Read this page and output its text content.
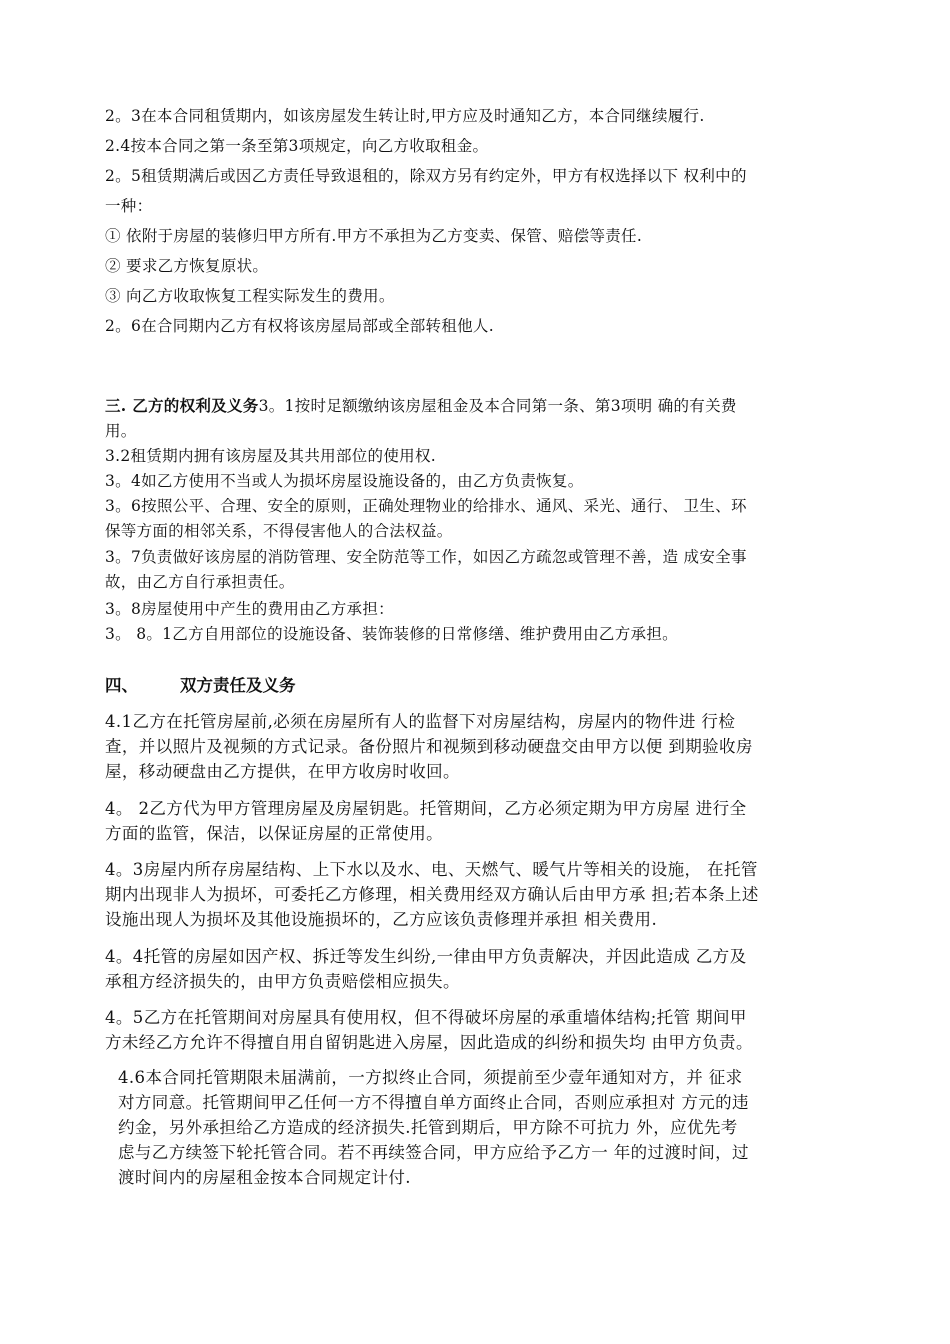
2。3在本合同租赁期内，如该房屋发生转让时,甲方应及时通知乙方，本合同继续履行.
2.4按本合同之第一条至第3项规定，向乙方收取租金。
2。5租赁期满后或因乙方责任导致退租的，除双方另有约定外，甲方有权选择以下 权利中的
一种：
① 依附于房屋的装修归甲方所有.甲方不承担为乙方变卖、保管、赔偿等责任.
② 要求乙方恢复原状。
③ 向乙方收取恢复工程实际发生的费用。
2。6在合同期内乙方有权将该房屋局部或全部转租他人.
三. 乙方的权利及义务3。1按时足额缴纳该房屋租金及本合同第一条、第3项明 确的有关费
用。
3.2租赁期内拥有该房屋及其共用部位的使用权.
3。4如乙方使用不当或人为损坏房屋设施设备的，由乙方负责恢复。
3。6按照公平、合理、安全的原则，正确处理物业的给排水、通风、采光、通行、 卫生、环
保等方面的相邻关系，不得侵害他人的合法权益。
3。7负责做好该房屋的消防管理、安全防范等工作，如因乙方疏忽或管理不善，造 成安全事
故，由乙方自行承担责任。
3。8房屋使用中产生的费用由乙方承担：
3。 8。1乙方自用部位的设施设备、装饰装修的日常修缮、维护费用由乙方承担。
四、	双方责任及义务
4.1乙方在托管房屋前,必须在房屋所有人的监督下对房屋结构，房屋内的物件进 行检
查，并以照片及视频的方式记录。备份照片和视频到移动硬盘交由甲方以便 到期验收房
屋，移动硬盘由乙方提供，在甲方收房时收回。
4。 2乙方代为甲方管理房屋及房屋钥匙。托管期间，乙方必须定期为甲方房屋 进行全
方面的监管，保洁，以保证房屋的正常使用。
4。3房屋内所存房屋结构、上下水以及水、电、天燃气、暖气片等相关的设施， 在托管
期内出现非人为损坏，可委托乙方修理，相关费用经双方确认后由甲方承 担;若本条上述
设施出现人为损坏及其他设施损坏的，乙方应该负责修理并承担 相关费用.
4。4托管的房屋如因产权、拆迁等发生纠纷,一律由甲方负责解决，并因此造成 乙方及
承租方经济损失的，由甲方负责赔偿相应损失。
4。5乙方在托管期间对房屋具有使用权，但不得破坏房屋的承重墙体结构;托管 期间甲
方未经乙方允许不得擅自用自留钥匙进入房屋，因此造成的纠纷和损失均 由甲方负责。
4.6本合同托管期限未届满前，一方拟终止合同，须提前至少壹年通知对方，并 征求
对方同意。托管期间甲乙任何一方不得擅自单方面终止合同，否则应承担对 方元的违
约金，另外承担给乙方造成的经济损失.托管到期后，甲方除不可抗力 外，应优先考
虑与乙方续签下轮托管合同。若不再续签合同，甲方应给予乙方一 年的过渡时间，过
渡时间内的房屋租金按本合同规定计付.
